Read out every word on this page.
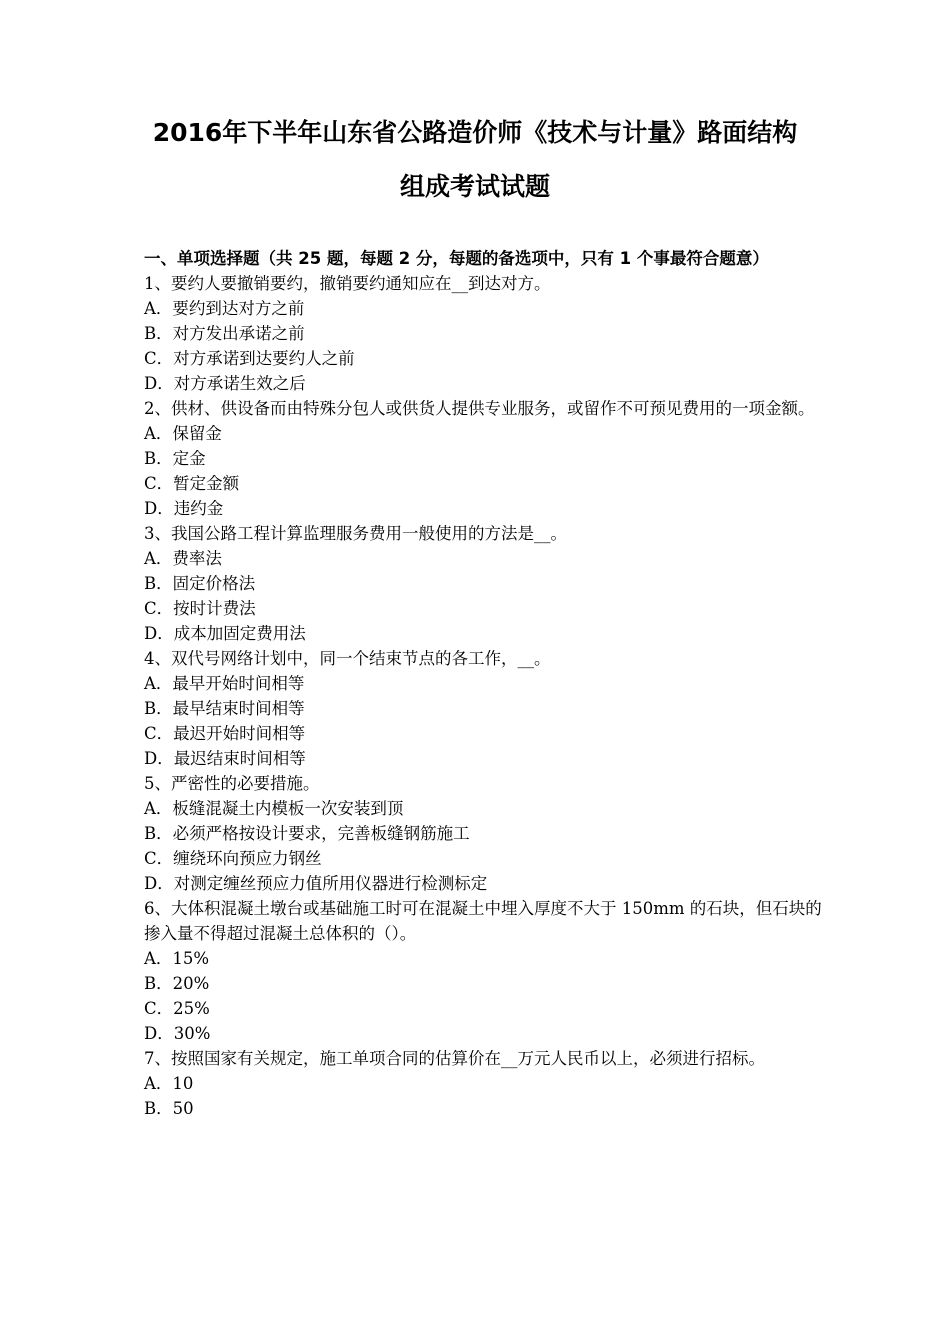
2016年下半年山东省公路造价师《技术与计量》路面结构
组成考试试题

一、单项选择题（共 25 题，每题 2 分，每题的备选项中，只有 1 个事最符合题意）

1、要约人要撤销要约，撤销要约通知应在__到达对方。

A．要约到达对方之前

B．对方发出承诺之前

C．对方承诺到达要约人之前

D．对方承诺生效之后

2、供材、供设备而由特殊分包人或供货人提供专业服务，或留作不可预见费用的一项金额。

A．保留金

B．定金

C．暂定金额

D．违约金

3、我国公路工程计算监理服务费用一般使用的方法是__。

A．费率法

B．固定价格法

C．按时计费法

D．成本加固定费用法

4、双代号网络计划中，同一个结束节点的各工作，__。

A．最早开始时间相等

B．最早结束时间相等

C．最迟开始时间相等

D．最迟结束时间相等

5、严密性的必要措施。

A．板缝混凝土内模板一次安装到顶

B．必须严格按设计要求，完善板缝钢筋施工

C．缠绕环向预应力钢丝

D．对测定缠丝预应力值所用仪器进行检测标定

6、大体积混凝土墩台或基础施工时可在混凝土中埋入厚度不大于 150mm 的石块，但石块的掺入量不得超过混凝土总体积的（）。

A．15%

B．20%

C．25%

D．30%

7、按照国家有关规定，施工单项合同的估算价在__万元人民币以上，必须进行招标。

A．10

B．50
